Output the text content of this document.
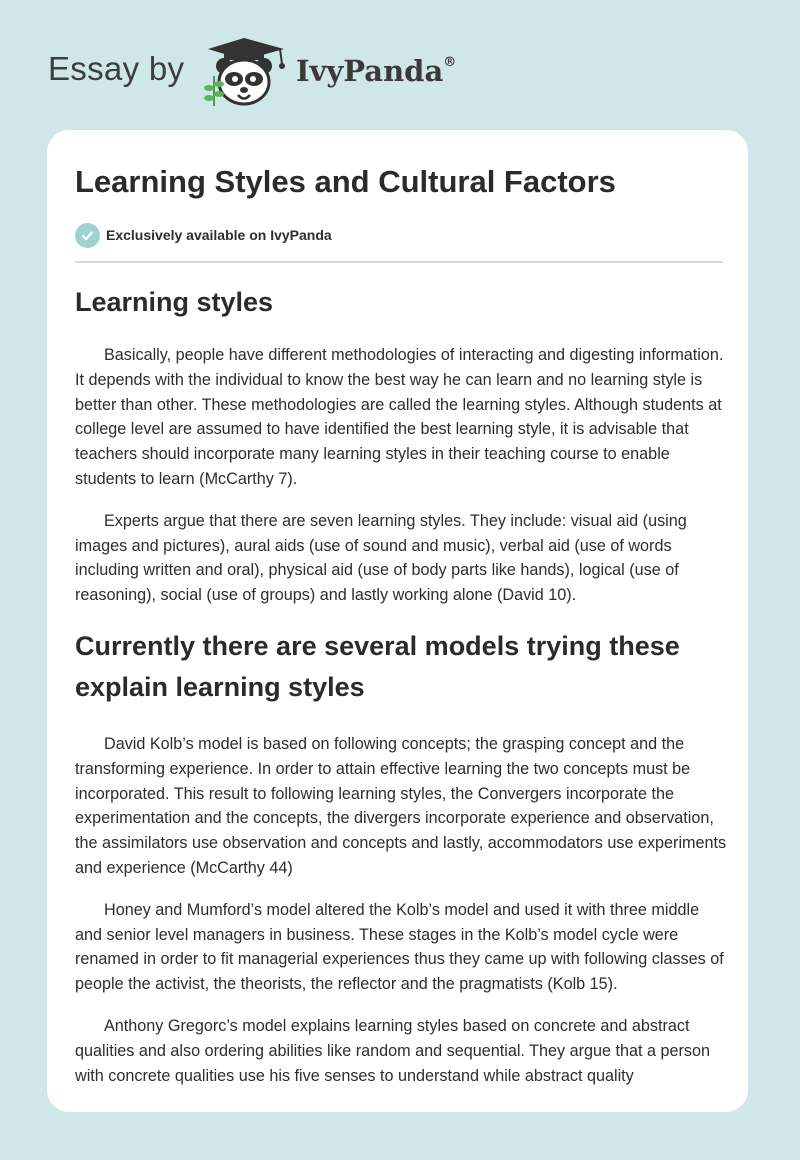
Essay by	IvyPanda®
Learning Styles and Cultural Factors
Exclusively available on IvyPanda
Learning styles

Basically, people have different methodologies of interacting and digesting information. It depends with the individual to know the best way he can learn and no learning style is better than other. These methodologies are called the learning styles. Although students at college level are assumed to have identified the best learning style, it is advisable that teachers should incorporate many learning styles in their teaching course to enable students to learn (McCarthy 7).

Experts argue that there are seven learning styles. They include: visual aid (using images and pictures), aural aids (use of sound and music), verbal aid (use of words including written and oral), physical aid (use of body parts like hands), logical (use of reasoning), social (use of groups) and lastly working alone (David 10).

Currently there are several models trying these explain learning styles

David Kolb’s model is based on following concepts; the grasping concept and the transforming experience. In order to attain effective learning the two concepts must be incorporated. This result to following learning styles, the Convergers incorporate the experimentation and the concepts, the divergers incorporate experience and observation, the assimilators use observation and concepts and lastly, accommodators use experiments and experience (McCarthy 44)

Honey and Mumford’s model altered the Kolb’s model and used it with three middle and senior level managers in business. These stages in the Kolb’s model cycle were renamed in order to fit managerial experiences thus they came up with following classes of people the activist, the theorists, the reflector and the pragmatists (Kolb 15).

Anthony Gregorc’s model explains learning styles based on concrete and abstract qualities and also ordering abilities like random and sequential. They argue that a person with concrete qualities use his five senses to understand while abstract quality
